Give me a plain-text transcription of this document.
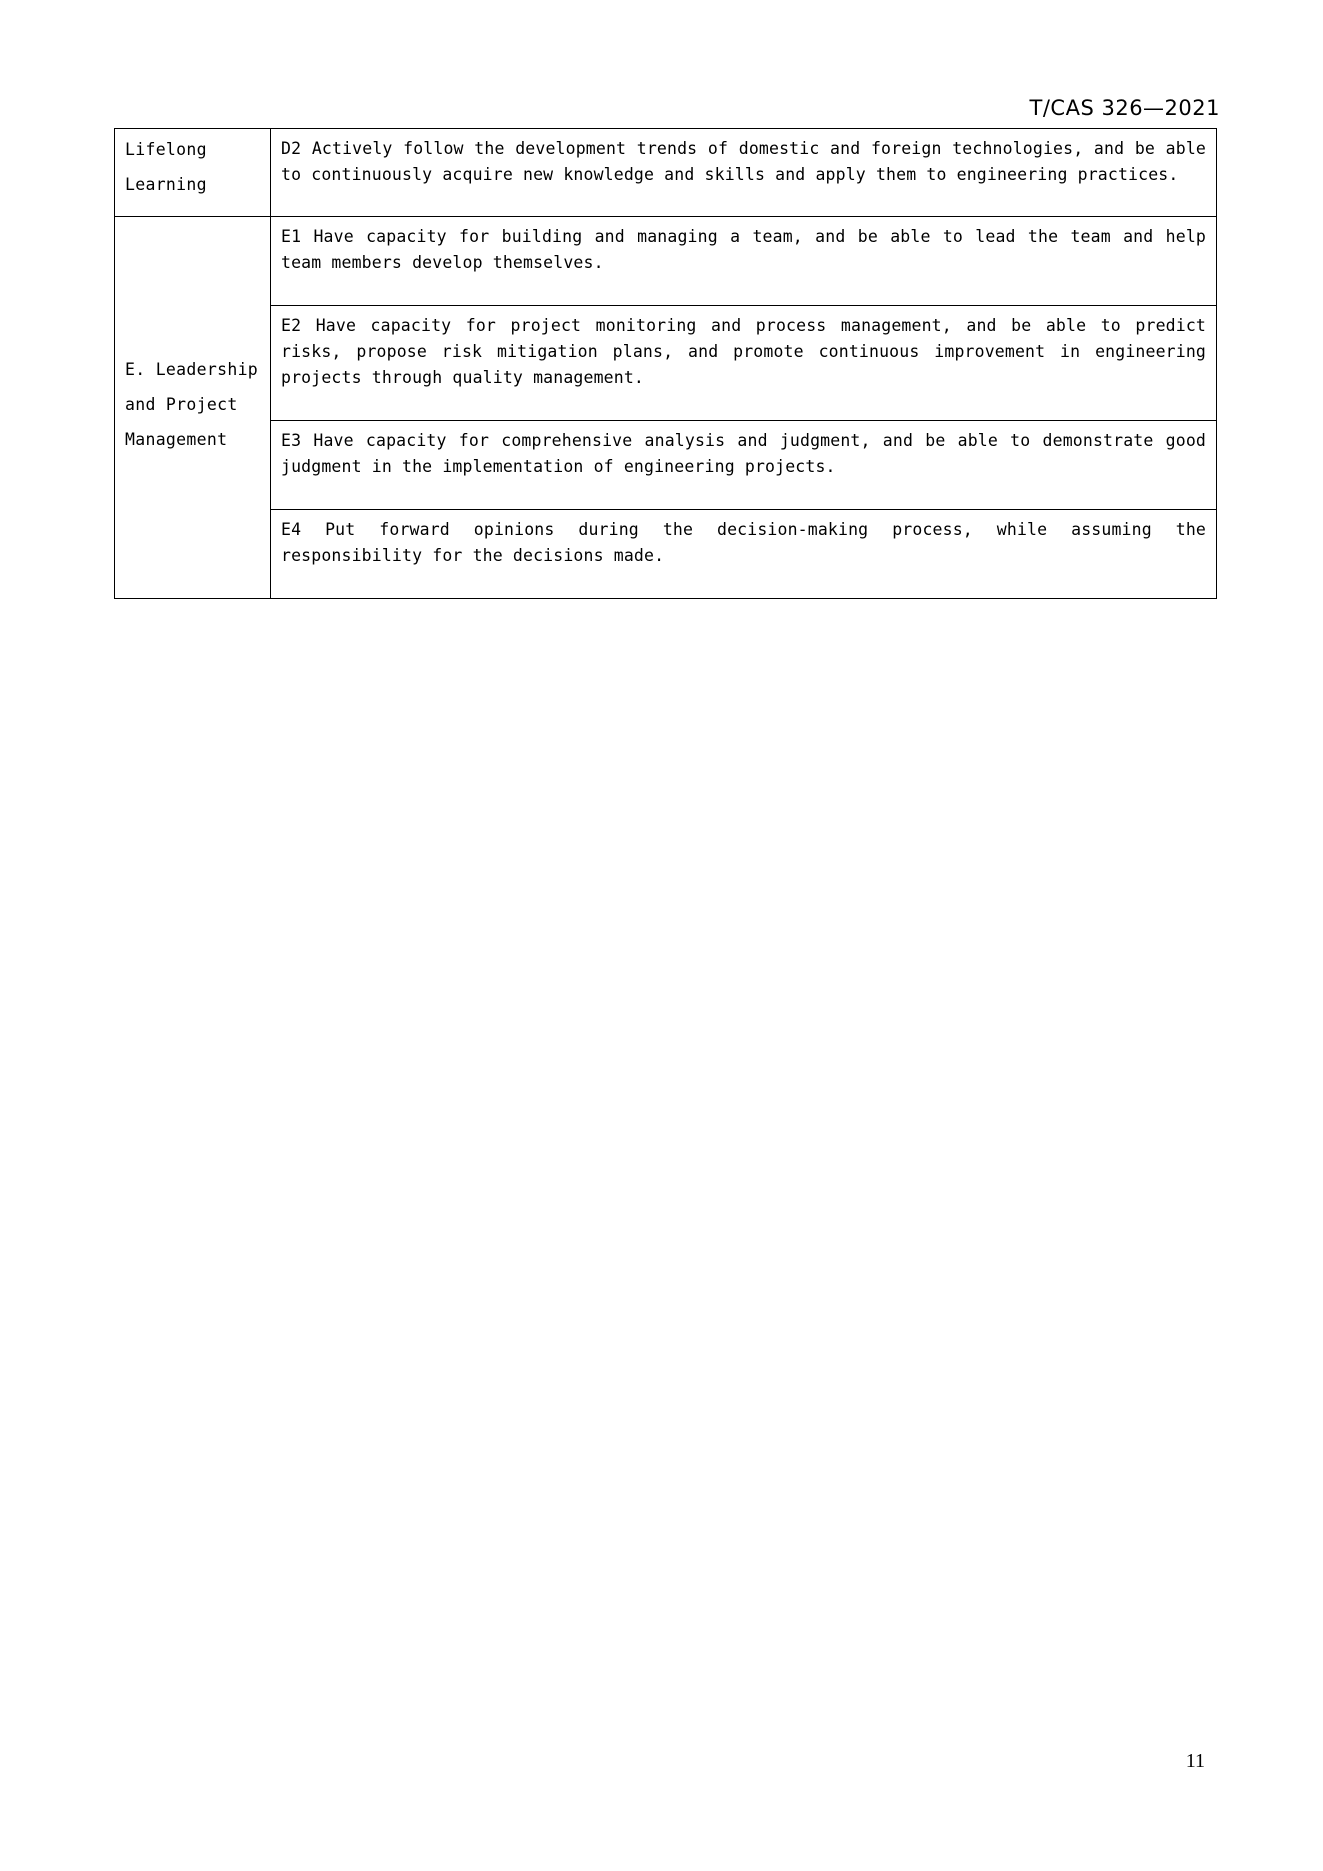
T/CAS 326—2021
Lifelong Learning	D2 Actively follow the development trends of domestic and foreign technologies, and be able to continuously acquire new knowledge and skills and apply them to engineering practices.
E. Leadership and Project Management	E1 Have capacity for building and managing a team, and be able to lead the team and help team members develop themselves.
	E2 Have capacity for project monitoring and process management, and be able to predict risks, propose risk mitigation plans, and promote continuous improvement in engineering projects through quality management.
	E3 Have capacity for comprehensive analysis and judgment, and be able to demonstrate good judgment in the implementation of engineering projects.
	E4 Put forward opinions during the decision-making process, while assuming the responsibility for the decisions made.
11
